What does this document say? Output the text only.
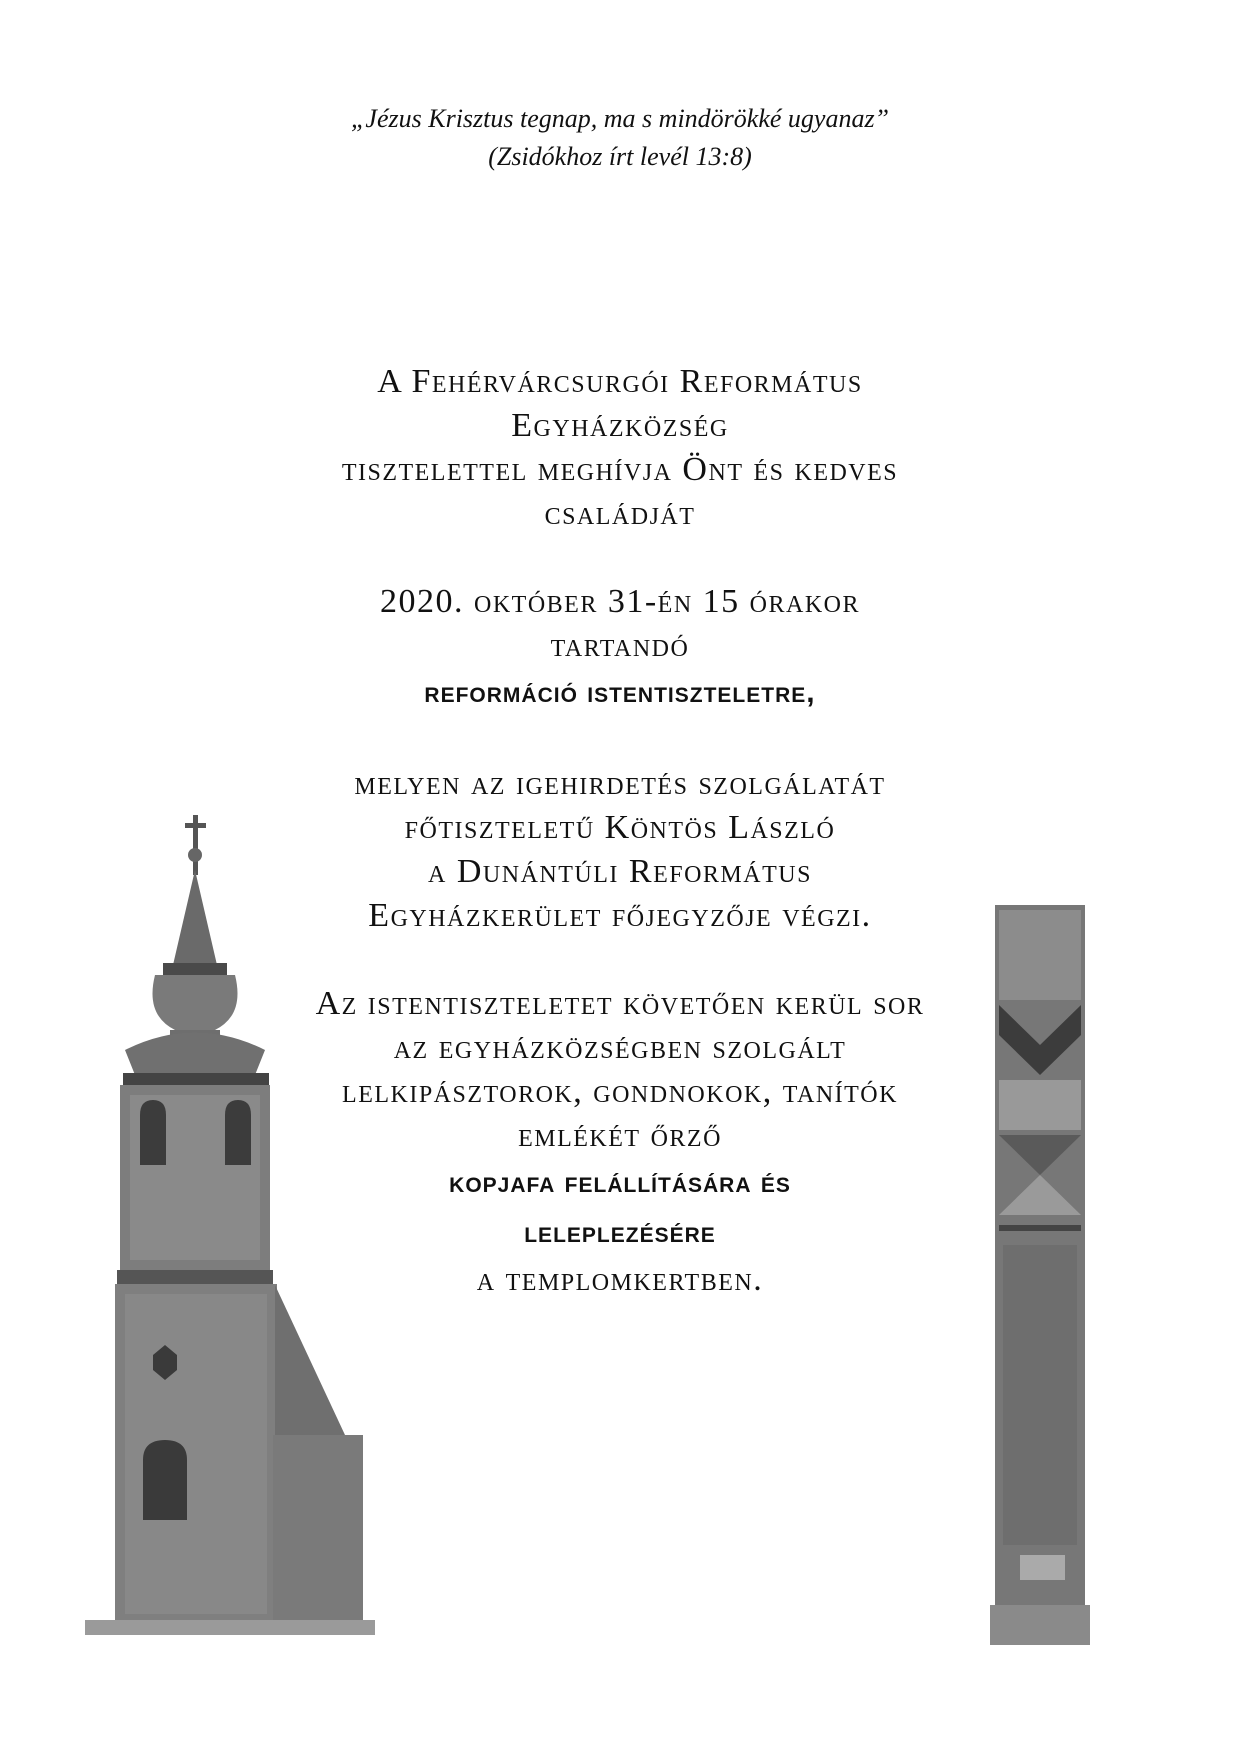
„Jézus Krisztus tegnap, ma s mindörökké ugyanaz”
(Zsidókhoz írt levél 13:8)

A Fehérvárcsurgói Református

Egyházközség

tisztelettel meghívja Önt és kedves

családját

2020. október 31-én 15 órakor

tartandó

reformáció istentiszteletre,

melyen az igehirdetés szolgálatát

főtiszteletű Köntös László

a Dunántúli Református

Egyházkerület főjegyzője végzi.

Az istentiszteletet követően kerül sor

az egyházközségben szolgált

lelkipásztorok, gondnokok, tanítók

emlékét őrző

kopjafa felállítására és

leleplezésére

a templomkertben.
